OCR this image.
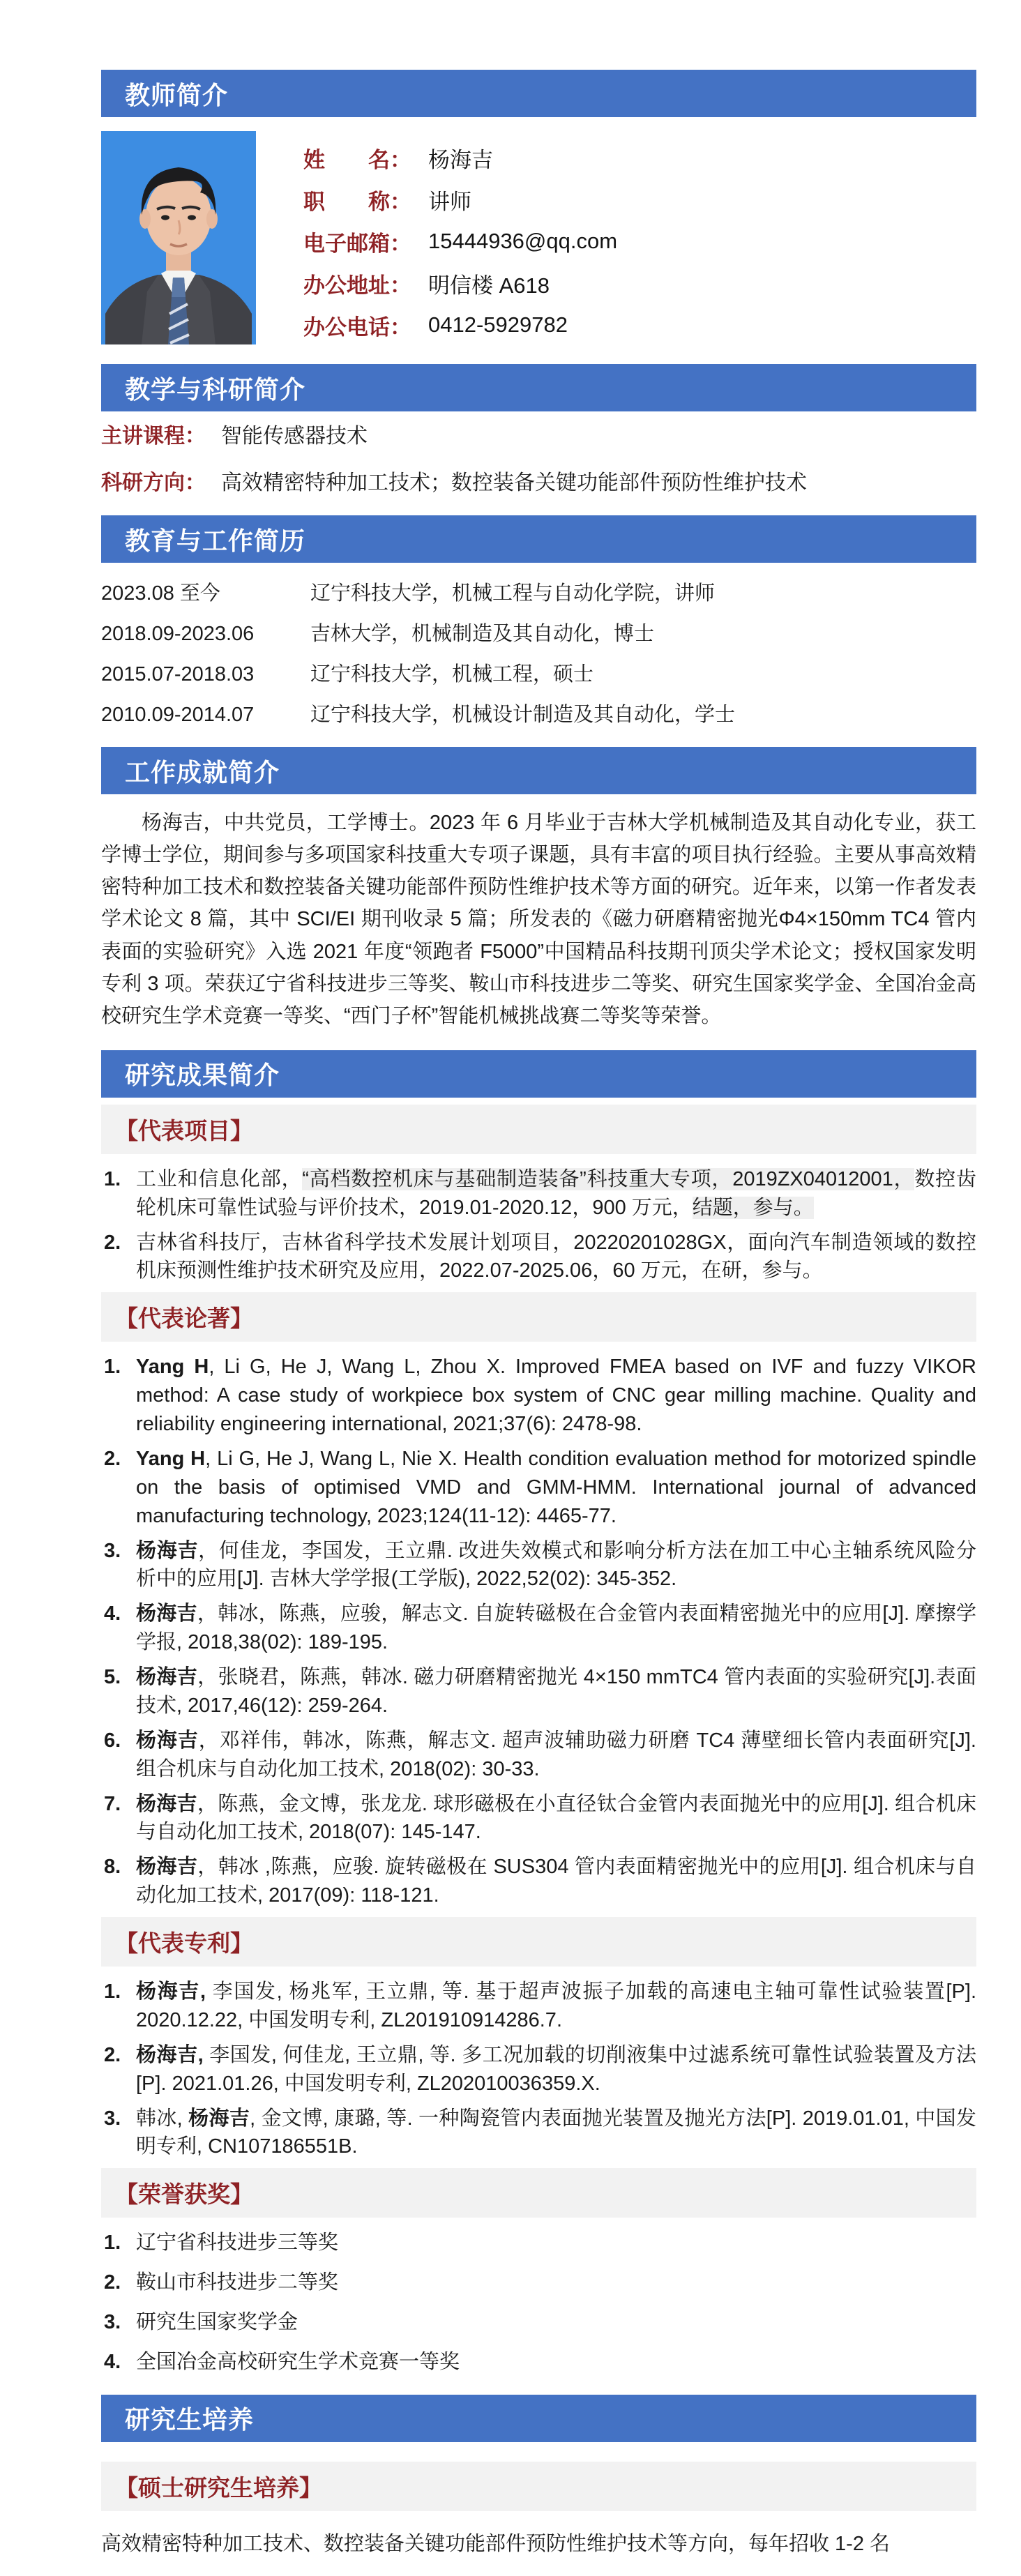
教师简介
姓　　名： 杨海吉
职　　称： 讲师
电子邮箱： 15444936@qq.com
办公地址： 明信楼 A618
办公电话： 0412-5929782
教学与科研简介
主讲课程： 智能传感器技术
科研方向： 高效精密特种加工技术；数控装备关键功能部件预防性维护技术
教育与工作简历
2023.08 至今	辽宁科技大学，机械工程与自动化学院，讲师
2018.09-2023.06	吉林大学，机械制造及其自动化，博士
2015.07-2018.03	辽宁科技大学，机械工程，硕士
2010.09-2014.07	辽宁科技大学，机械设计制造及其自动化，学士
工作成就简介

杨海吉，中共党员，工学博士。2023 年 6 月毕业于吉林大学机械制造及其自动化专业，获工学博士学位，期间参与多项国家科技重大专项子课题，具有丰富的项目执行经验。主要从事高效精密特种加工技术和数控装备关键功能部件预防性维护技术等方面的研究。近年来，以第一作者发表学术论文 8 篇，其中 SCI/EI 期刊收录 5 篇；所发表的《磁力研磨精密抛光Φ4×150mm TC4 管内表面的实验研究》入选 2021 年度“领跑者 F5000”中国精品科技期刊顶尖学术论文；授权国家发明专利 3 项。荣获辽宁省科技进步三等奖、鞍山市科技进步二等奖、研究生国家奖学金、全国冶金高校研究生学术竞赛一等奖、“西门子杯”智能机械挑战赛二等奖等荣誉。

研究成果简介
【代表项目】
工业和信息化部，“高档数控机床与基础制造装备”科技重大专项，2019ZX04012001，数控齿轮机床可靠性试验与评价技术，2019.01-2020.12，900 万元，结题，参与。
吉林省科技厅，吉林省科学技术发展计划项目，20220201028GX，面向汽车制造领域的数控机床预测性维护技术研究及应用，2022.07-2025.06，60 万元，在研，参与。
【代表论著】
Yang H, Li G, He J, Wang L, Zhou X. Improved FMEA based on IVF and fuzzy VIKOR method: A case study of workpiece box system of CNC gear milling machine. Quality and reliability engineering international, 2021;37(6): 2478-98.
Yang H, Li G, He J, Wang L, Nie X. Health condition evaluation method for motorized spindle on the basis of optimised VMD and GMM-HMM. International journal of advanced manufacturing technology, 2023;124(11-12): 4465-77.
杨海吉，何佳龙，李国发，王立鼎. 改进失效模式和影响分析方法在加工中心主轴系统风险分析中的应用[J]. 吉林大学学报(工学版), 2022,52(02): 345-352.
杨海吉，韩冰，陈燕，应骏，解志文. 自旋转磁极在合金管内表面精密抛光中的应用[J]. 摩擦学学报, 2018,38(02): 189-195.
杨海吉，张晓君，陈燕，韩冰. 磁力研磨精密抛光 4×150 mmTC4 管内表面的实验研究[J].表面技术, 2017,46(12): 259-264.
杨海吉，邓祥伟，韩冰，陈燕，解志文. 超声波辅助磁力研磨 TC4 薄壁细长管内表面研究[J]. 组合机床与自动化加工技术, 2018(02): 30-33.
杨海吉，陈燕，金文博，张龙龙. 球形磁极在小直径钛合金管内表面抛光中的应用[J]. 组合机床与自动化加工技术, 2018(07): 145-147.
杨海吉，韩冰 ,陈燕，应骏. 旋转磁极在 SUS304 管内表面精密抛光中的应用[J]. 组合机床与自动化加工技术, 2017(09): 118-121.
【代表专利】
杨海吉, 李国发, 杨兆军, 王立鼎, 等. 基于超声波振子加载的高速电主轴可靠性试验装置[P]. 2020.12.22, 中国发明专利, ZL201910914286.7.
杨海吉, 李国发, 何佳龙, 王立鼎, 等. 多工况加载的切削液集中过滤系统可靠性试验装置及方法[P]. 2021.01.26, 中国发明专利, ZL202010036359.X.
韩冰, 杨海吉, 金文博, 康璐, 等. 一种陶瓷管内表面抛光装置及抛光方法[P]. 2019.01.01, 中国发明专利, CN107186551B.
【荣誉获奖】
辽宁省科技进步三等奖
鞍山市科技进步二等奖
研究生国家奖学金
全国冶金高校研究生学术竞赛一等奖
研究生培养
【硕士研究生培养】

高效精密特种加工技术、数控装备关键功能部件预防性维护技术等方向，每年招收 1-2 名
